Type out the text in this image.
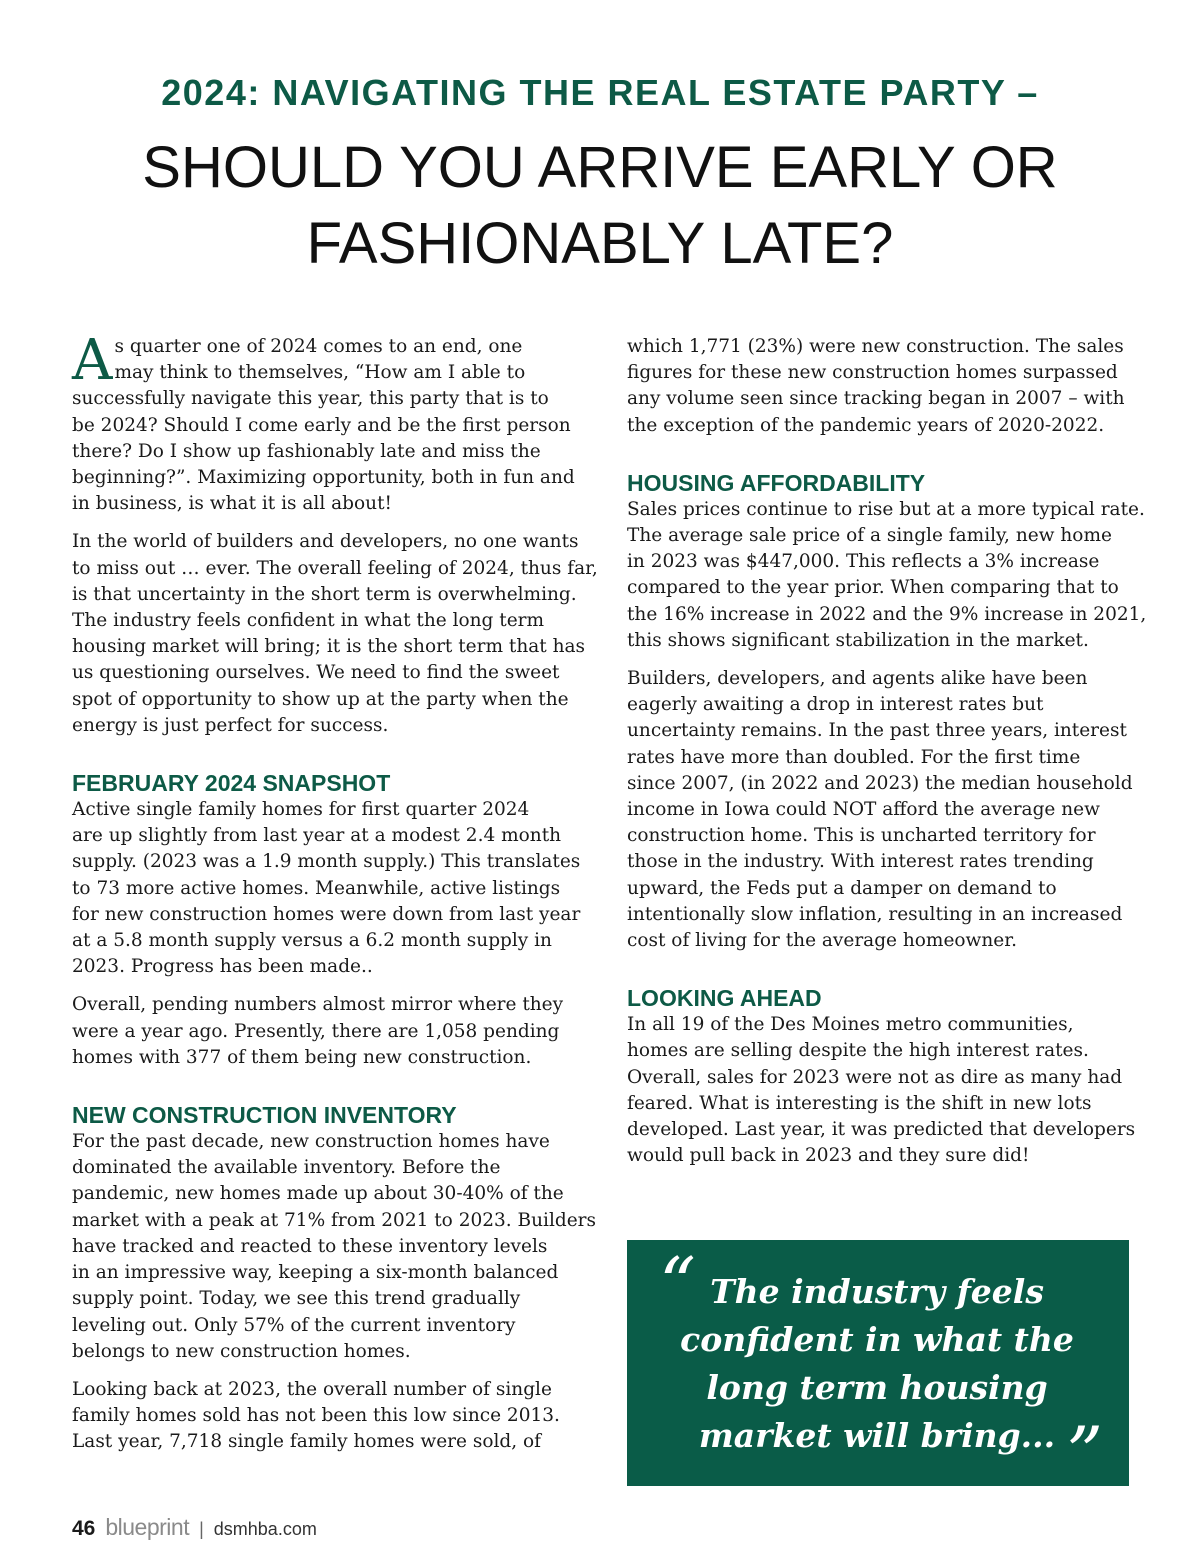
2024: NAVIGATING THE REAL ESTATE PARTY –
SHOULD YOU ARRIVE EARLY OR
FASHIONABLY LATE?

A s quarter one of 2024 comes to an end, one
may think to themselves, “How am I able to
successfully navigate this year, this party that is to
be 2024? Should I come early and be the first person
there? Do I show up fashionably late and miss the
beginning?”. Maximizing opportunity, both in fun and
in business, is what it is all about!

In the world of builders and developers, no one wants
to miss out … ever. The overall feeling of 2024, thus far,
is that uncertainty in the short term is overwhelming.
The industry feels confident in what the long term
housing market will bring; it is the short term that has
us questioning ourselves. We need to find the sweet
spot of opportunity to show up at the party when the
energy is just perfect for success.

FEBRUARY 2024 SNAPSHOT

Active single family homes for first quarter 2024
are up slightly from last year at a modest 2.4 month
supply. (2023 was a 1.9 month supply.) This translates
to 73 more active homes. Meanwhile, active listings
for new construction homes were down from last year
at a 5.8 month supply versus a 6.2 month supply in
2023. Progress has been made..

Overall, pending numbers almost mirror where they
were a year ago. Presently, there are 1,058 pending
homes with 377 of them being new construction.

NEW CONSTRUCTION INVENTORY

For the past decade, new construction homes have
dominated the available inventory. Before the
pandemic, new homes made up about 30-40% of the
market with a peak at 71% from 2021 to 2023. Builders
have tracked and reacted to these inventory levels
in an impressive way, keeping a six-month balanced
supply point. Today, we see this trend gradually
leveling out. Only 57% of the current inventory
belongs to new construction homes.

Looking back at 2023, the overall number of single
family homes sold has not been this low since 2013.
Last year, 7,718 single family homes were sold, of

which 1,771 (23%) were new construction. The sales
figures for these new construction homes surpassed
any volume seen since tracking began in 2007 – with
the exception of the pandemic years of 2020-2022.

HOUSING AFFORDABILITY

Sales prices continue to rise but at a more typical rate.
The average sale price of a single family, new home
in 2023 was $447,000. This reflects a 3% increase
compared to the year prior. When comparing that to
the 16% increase in 2022 and the 9% increase in 2021,
this shows significant stabilization in the market.

Builders, developers, and agents alike have been
eagerly awaiting a drop in interest rates but
uncertainty remains. In the past three years, interest
rates have more than doubled. For the first time
since 2007, (in 2022 and 2023) the median household
income in Iowa could NOT afford the average new
construction home. This is uncharted territory for
those in the industry. With interest rates trending
upward, the Feds put a damper on demand to
intentionally slow inflation, resulting in an increased
cost of living for the average homeowner.

LOOKING AHEAD

In all 19 of the Des Moines metro communities,
homes are selling despite the high interest rates.
Overall, sales for 2023 were not as dire as many had
feared. What is interesting is the shift in new lots
developed. Last year, it was predicted that developers
would pull back in 2023 and they sure did!

“ The industry feels
confident in what the
long term housing
market will bring... ”
46 blueprint | dsmhba.com
